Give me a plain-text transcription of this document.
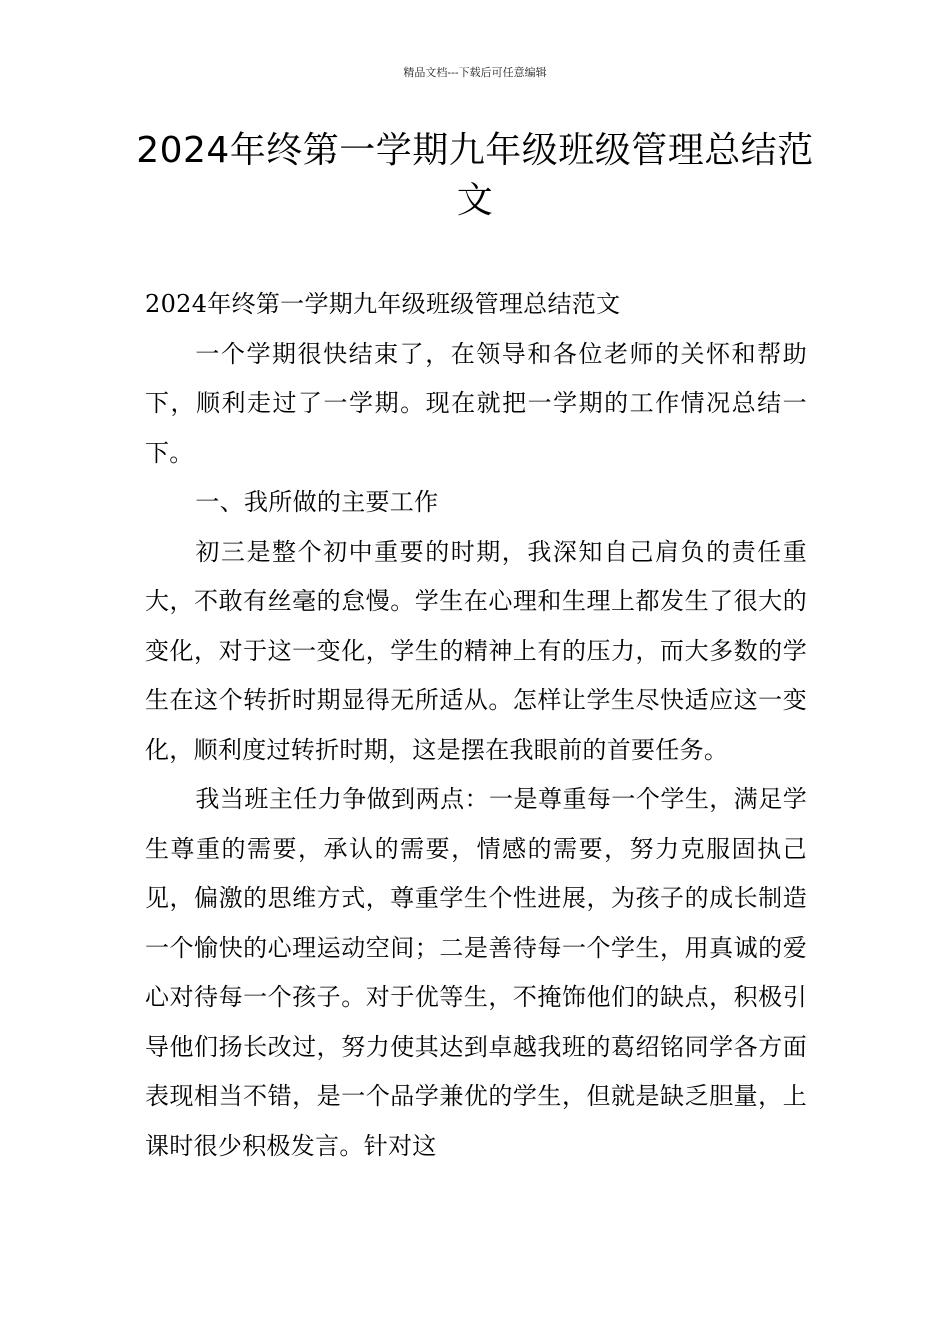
精品文档---下载后可任意编辑
2024年终第一学期九年级班级管理总结范文

2024年终第一学期九年级班级管理总结范文

一个学期很快结束了，在领导和各位老师的关怀和帮助下，顺利走过了一学期。现在就把一学期的工作情况总结一下。

一、我所做的主要工作

初三是整个初中重要的时期，我深知自己肩负的责任重大，不敢有丝毫的怠慢。学生在心理和生理上都发生了很大的变化，对于这一变化，学生的精神上有的压力，而大多数的学生在这个转折时期显得无所适从。怎样让学生尽快适应这一变化，顺利度过转折时期，这是摆在我眼前的首要任务。

我当班主任力争做到两点：一是尊重每一个学生，满足学生尊重的需要，承认的需要，情感的需要，努力克服固执己见，偏激的思维方式，尊重学生个性进展，为孩子的成长制造一个愉快的心理运动空间；二是善待每一个学生，用真诚的爱心对待每一个孩子。对于优等生，不掩饰他们的缺点，积极引导他们扬长改过，努力使其达到卓越我班的葛绍铭同学各方面表现相当不错，是一个品学兼优的学生，但就是缺乏胆量，上课时很少积极发言。针对这
